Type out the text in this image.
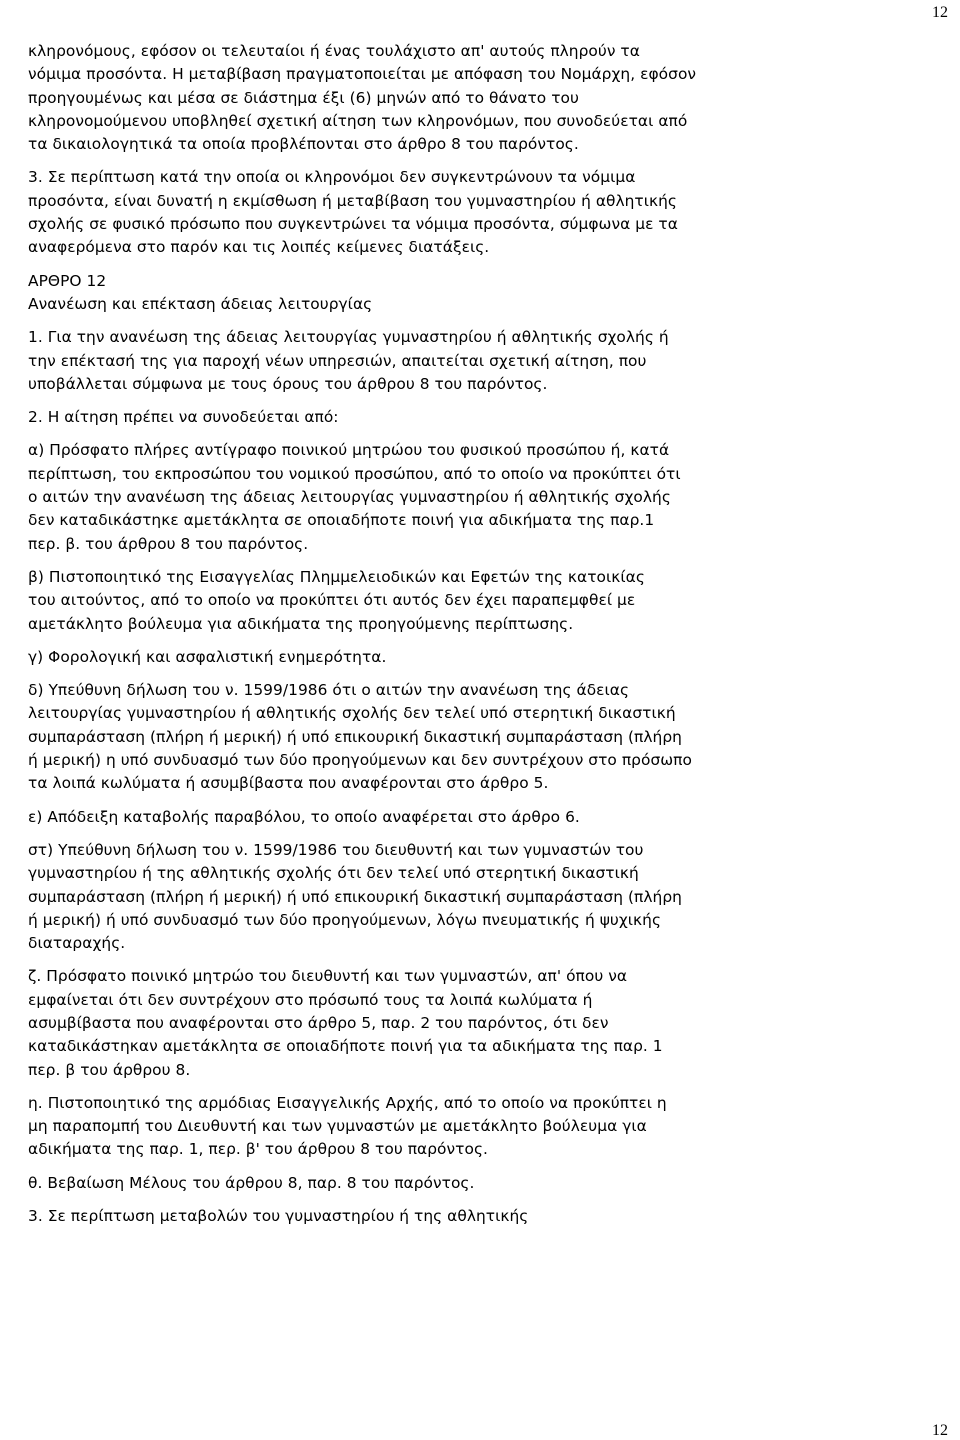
12
κληρονόμους, εφόσον οι τελευταίοι ή ένας τουλάχιστο απ' αυτούς πληρούν τα
νόμιμα προσόντα. Η μεταβίβαση πραγματοποιείται με απόφαση του Νομάρχη, εφόσον
προηγουμένως και μέσα σε διάστημα έξι (6) μηνών από το θάνατο του
κληρονομούμενου υποβληθεί σχετική αίτηση των κληρονόμων, που συνοδεύεται από
τα δικαιολογητικά τα οποία προβλέπονται στο άρθρο 8 του παρόντος.
3. Σε περίπτωση κατά την οποία οι κληρονόμοι δεν συγκεντρώνουν τα νόμιμα
προσόντα, είναι δυνατή η εκμίσθωση ή μεταβίβαση του γυμναστηρίου ή αθλητικής
σχολής σε φυσικό πρόσωπο που συγκεντρώνει τα νόμιμα προσόντα, σύμφωνα με τα
αναφερόμενα στο παρόν και τις λοιπές κείμενες διατάξεις.
ΑΡΘΡΟ 12
Ανανέωση και επέκταση άδειας λειτουργίας
1. Για την ανανέωση της άδειας λειτουργίας γυμναστηρίου ή αθλητικής σχολής ή
την επέκτασή της για παροχή νέων υπηρεσιών, απαιτείται σχετική αίτηση, που
υποβάλλεται σύμφωνα με τους όρους του άρθρου 8 του παρόντος.
2. Η αίτηση πρέπει να συνοδεύεται από:
α) Πρόσφατο πλήρες αντίγραφο ποινικού μητρώου του φυσικού προσώπου ή, κατά
περίπτωση, του εκπροσώπου του νομικού προσώπου, από το οποίο να προκύπτει ότι
ο αιτών την ανανέωση της άδειας λειτουργίας γυμναστηρίου ή αθλητικής σχολής
δεν καταδικάστηκε αμετάκλητα σε οποιαδήποτε ποινή για αδικήματα της παρ.1
περ. β. του άρθρου 8 του παρόντος.
β) Πιστοποιητικό της Εισαγγελίας Πλημμελειοδικών και Εφετών της κατοικίας
του αιτούντος, από το οποίο να προκύπτει ότι αυτός δεν έχει παραπεμφθεί με
αμετάκλητο βούλευμα για αδικήματα της προηγούμενης περίπτωσης.
γ) Φορολογική και ασφαλιστική ενημερότητα.
δ) Υπεύθυνη δήλωση του ν. 1599/1986 ότι ο αιτών την ανανέωση της άδειας
λειτουργίας γυμναστηρίου ή αθλητικής σχολής δεν τελεί υπό στερητική δικαστική
συμπαράσταση (πλήρη ή μερική) ή υπό επικουρική δικαστική συμπαράσταση (πλήρη
ή μερική) η υπό συνδυασμό των δύο προηγούμενων και δεν συντρέχουν στο πρόσωπο
τα λοιπά κωλύματα ή ασυμβίβαστα που αναφέρονται στο άρθρο 5.
ε) Απόδειξη καταβολής παραβόλου, το οποίο αναφέρεται στο άρθρο 6.
στ) Υπεύθυνη δήλωση του ν. 1599/1986 του διευθυντή και των γυμναστών του
γυμναστηρίου ή της αθλητικής σχολής ότι δεν τελεί υπό στερητική δικαστική
συμπαράσταση (πλήρη ή μερική) ή υπό επικουρική δικαστική συμπαράσταση (πλήρη
ή μερική) ή υπό συνδυασμό των δύο προηγούμενων, λόγω πνευματικής ή ψυχικής
διαταραχής.
ζ. Πρόσφατο ποινικό μητρώο του διευθυντή και των γυμναστών, απ' όπου να
εμφαίνεται ότι δεν συντρέχουν στο πρόσωπό τους τα λοιπά κωλύματα ή
ασυμβίβαστα που αναφέρονται στο άρθρο 5, παρ. 2 του παρόντος, ότι δεν
καταδικάστηκαν αμετάκλητα σε οποιαδήποτε ποινή για τα αδικήματα της παρ. 1
περ. β του άρθρου 8.
η. Πιστοποιητικό της αρμόδιας Εισαγγελικής Αρχής, από το οποίο να προκύπτει η
μη παραπομπή του Διευθυντή και των γυμναστών με αμετάκλητο βούλευμα για
αδικήματα της παρ. 1, περ. β' του άρθρου 8 του παρόντος.
θ. Βεβαίωση Μέλους του άρθρου 8, παρ. 8 του παρόντος.
3. Σε περίπτωση μεταβολών του γυμναστηρίου ή της αθλητικής
12
